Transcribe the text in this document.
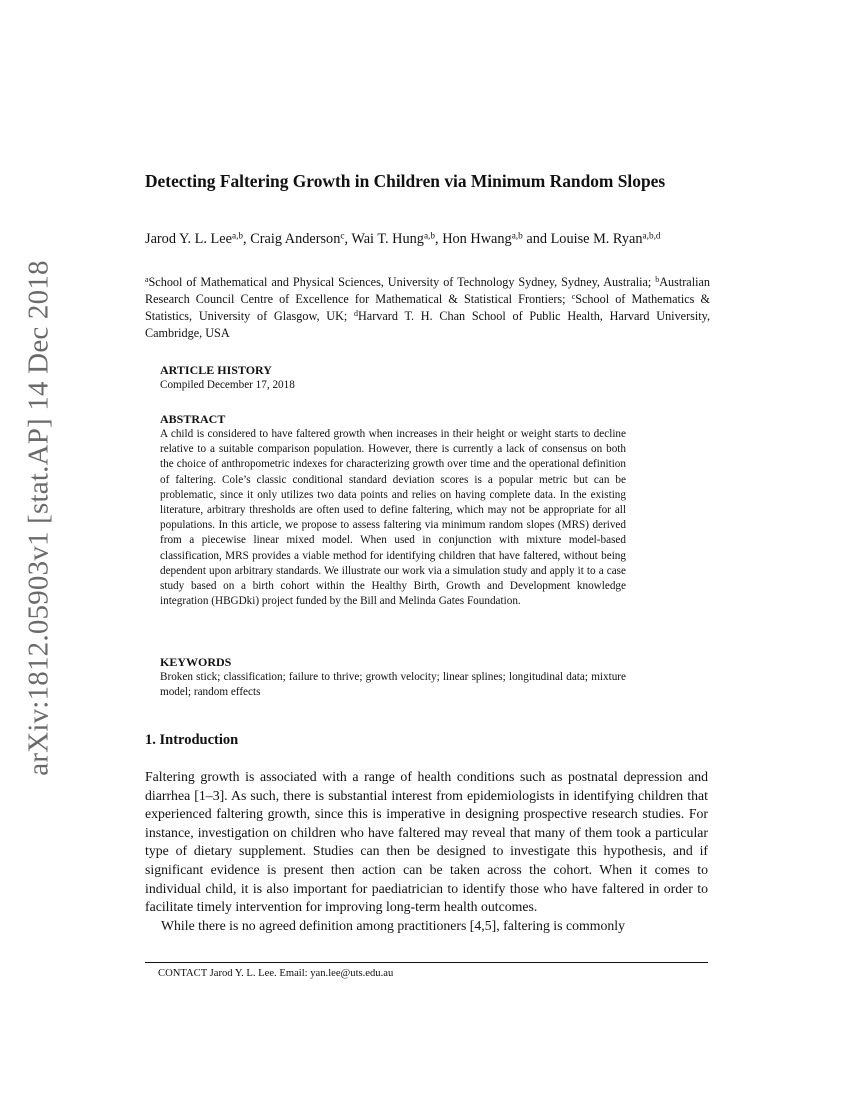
arXiv:1812.05903v1 [stat.AP] 14 Dec 2018
Detecting Faltering Growth in Children via Minimum Random Slopes
Jarod Y. L. Lee$^{a,b}$, Craig Anderson$^c$, Wai T. Hung$^{a,b}$, Hon Hwang$^{a,b}$ and Louise M. Ryan$^{a,b,d}$
$^a$School of Mathematical and Physical Sciences, University of Technology Sydney, Sydney, Australia; $^b$Australian Research Council Centre of Excellence for Mathematical & Statistical Frontiers; $^c$School of Mathematics & Statistics, University of Glasgow, UK; $^d$Harvard T. H. Chan School of Public Health, Harvard University, Cambridge, USA
ARTICLE HISTORY
Compiled December 17, 2018
ABSTRACT
A child is considered to have faltered growth when increases in their height or weight starts to decline relative to a suitable comparison population. However, there is currently a lack of consensus on both the choice of anthropometric indexes for characterizing growth over time and the operational definition of faltering. Cole’s classic conditional standard deviation scores is a popular metric but can be problematic, since it only utilizes two data points and relies on having complete data. In the existing literature, arbitrary thresholds are often used to define faltering, which may not be appropriate for all populations. In this article, we propose to assess faltering via minimum random slopes (MRS) derived from a piecewise linear mixed model. When used in conjunction with mixture model-based classification, MRS provides a viable method for identifying children that have faltered, without being dependent upon arbitrary standards. We illustrate our work via a simulation study and apply it to a case study based on a birth cohort within the Healthy Birth, Growth and Development knowledge integration (HBGDki) project funded by the Bill and Melinda Gates Foundation.
KEYWORDS
Broken stick; classification; failure to thrive; growth velocity; linear splines; longitudinal data; mixture model; random effects
1. Introduction

Faltering growth is associated with a range of health conditions such as postnatal depression and diarrhea [1–3]. As such, there is substantial interest from epidemiologists in identifying children that experienced faltering growth, since this is imperative in designing prospective research studies. For instance, investigation on children who have faltered may reveal that many of them took a particular type of dietary supplement. Studies can then be designed to investigate this hypothesis, and if significant evidence is present then action can be taken across the cohort. When it comes to individual child, it is also important for paediatrician to identify those who have faltered in order to facilitate timely intervention for improving long-term health outcomes.

While there is no agreed definition among practitioners [4,5], faltering is commonly

CONTACT Jarod Y. L. Lee. Email: yan.lee@uts.edu.au
